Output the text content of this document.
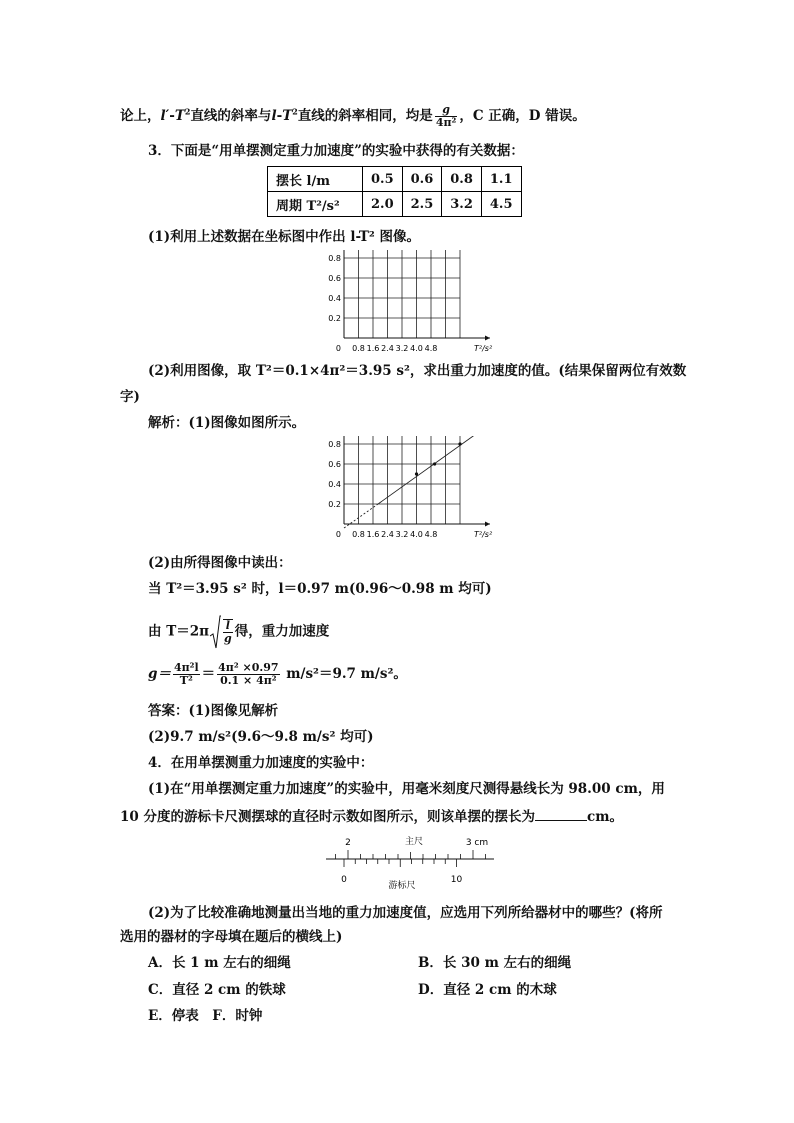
论上，$l'-T^2$直线的斜率与$l-T^2$直线的斜率相同，均是 $\frac{g}{\text{4π²}}$ ，C 正确，D 错误。
3．下面是“用单摆测定重力加速度”的实验中获得的有关数据：
摆长 l/m	0.5	0.6	0.8	1.1
周期 T²/s²	2.0	2.5	3.2	4.5
(1)利用上述数据在坐标图中作出 l-T² 图像。
T²/s²
0
0.8
0.6
0.4
0.2
0.8 1.6 2.4 3.2 4.0 4.8
(2)利用图像，取 T²＝0.1×4π²＝3.95 s²，求出重力加速度的值。(结果保留两位有效数
字)
解析：(1)图像如图所示。
T²/s²
0
0.8
0.6
0.4
0.2
0.8 1.6 2.4 3.2 4.0 4.8
(2)由所得图像中读出：
当 T²＝3.95 s² 时，l＝0.97 m(0.96～0.98 m 均可)
由 $T=2\pi \frac{l}{g}$ 得，重力加速度
$g= \frac{\text{4π²l}}{\text{T²}} = \frac{\text{4π² ×0.97}}{\text{0.1 × 4π²}} m/s^2=9.7$ m/s²。
答案：(1)图像见解析
(2)9.7 m/s²(9.6～9.8 m/s² 均可)
4．在用单摆测重力加速度的实验中：
(1)在“用单摆测定重力加速度”的实验中，用毫米刻度尺测得悬线长为 98.00 cm，用
10 分度的游标卡尺测摆球的直径时示数如图所示，则该单摆的摆长为	cm。
2	3 cm
主尺
0	10
游标尺
(2)为了比较准确地测量出当地的重力加速度值，应选用下列所给器材中的哪些？(将所
选用的器材的字母填在题后的横线上)
A．长 1 m 左右的细绳	B．长 30 m 左右的细绳
C．直径 2 cm 的铁球	D．直径 2 cm 的木球
E．停表　F．时钟
